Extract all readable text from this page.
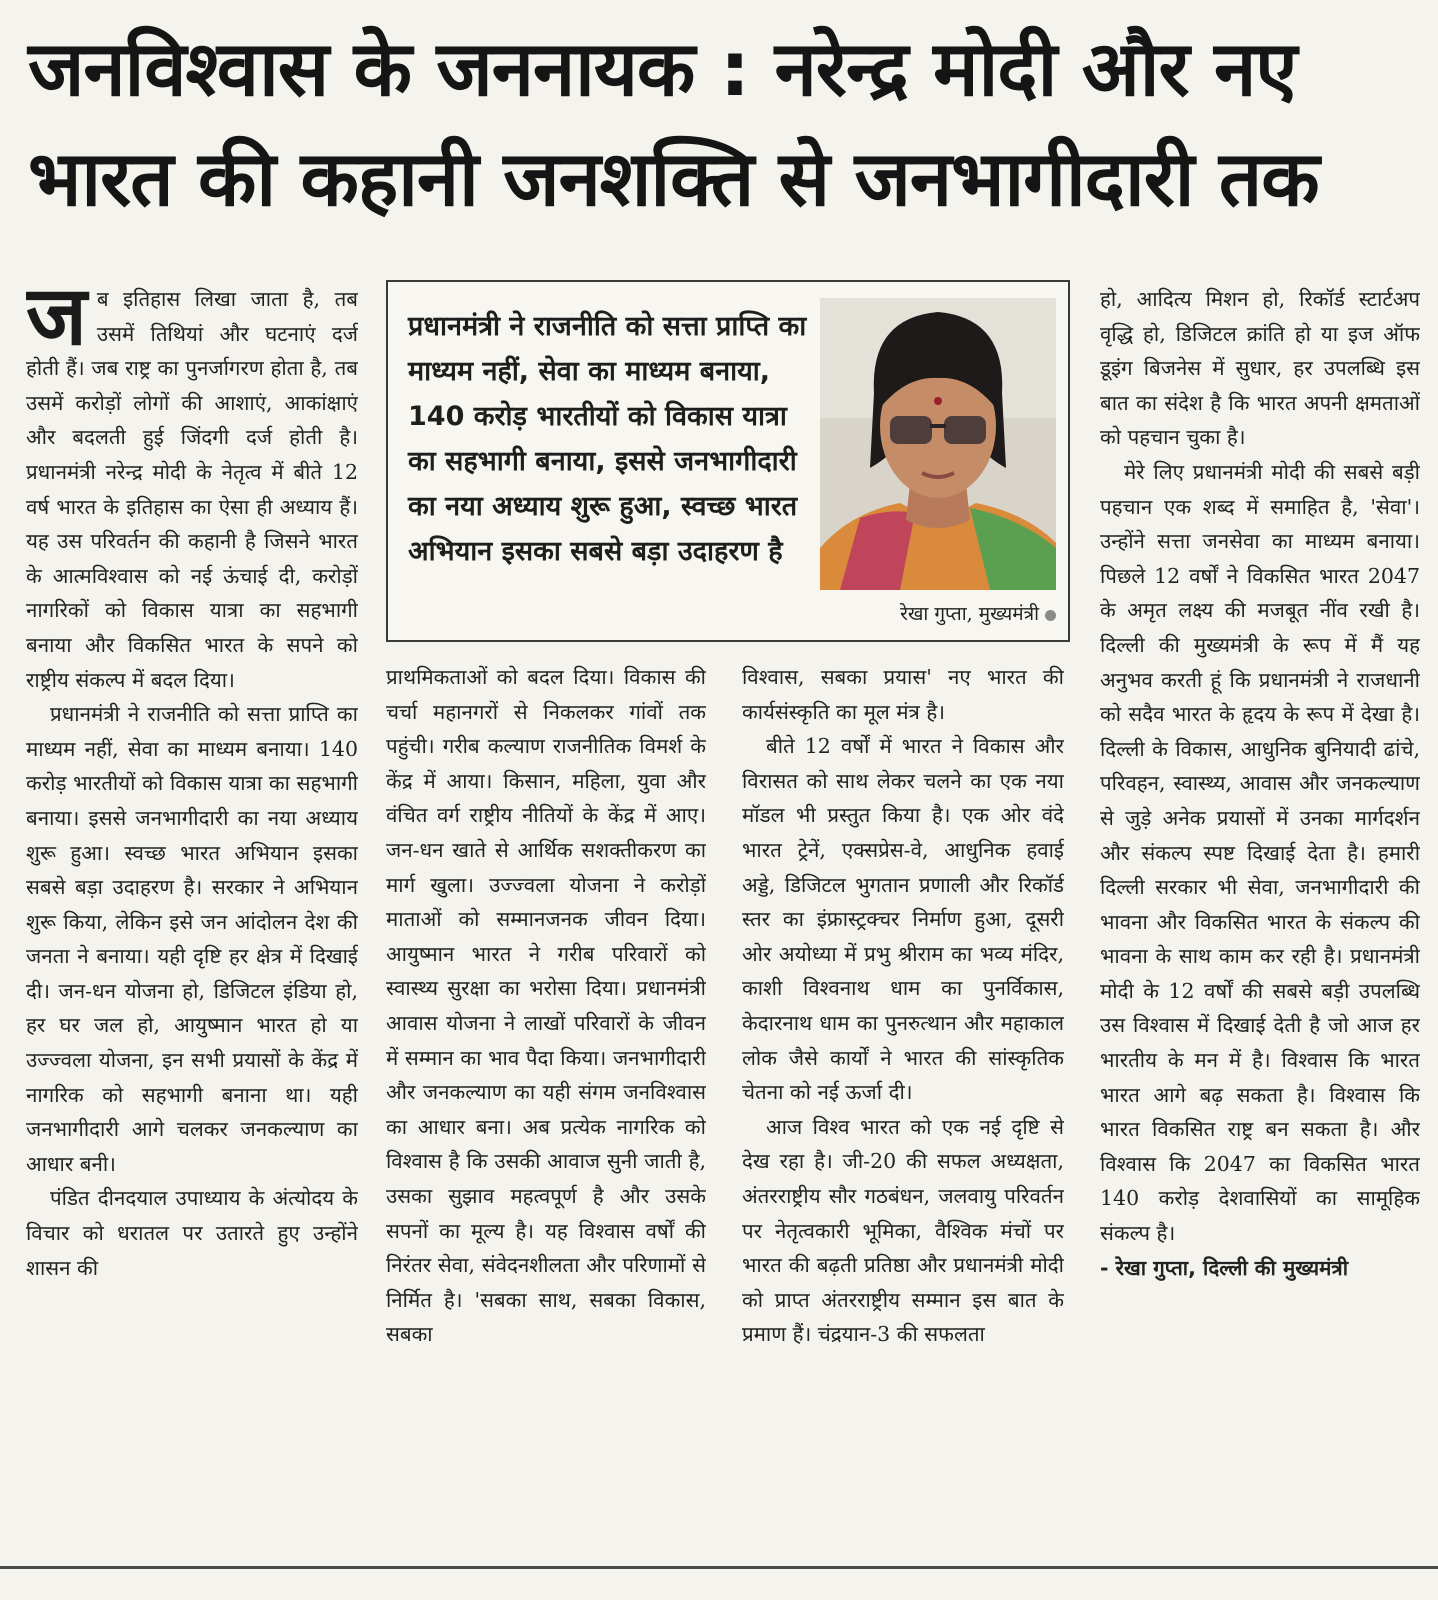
जनविश्वास के जननायक : नरेन्द्र मोदी और नए
भारत की कहानी जनशक्ति से जनभागीदारी तक

ज ब इतिहास लिखा जाता है, तब उसमें तिथियां और घटनाएं दर्ज होती हैं। जब राष्ट्र का पुनर्जागरण होता है, तब उसमें करोड़ों लोगों की आशाएं, आकांक्षाएं और बदलती हुई जिंदगी दर्ज होती है। प्रधानमंत्री नरेन्द्र मोदी के नेतृत्व में बीते 12 वर्ष भारत के इतिहास का ऐसा ही अध्याय हैं। यह उस परिवर्तन की कहानी है जिसने भारत के आत्मविश्वास को नई ऊंचाई दी, करोड़ों नागरिकों को विकास यात्रा का सहभागी बनाया और विकसित भारत के सपने को राष्ट्रीय संकल्प में बदल दिया।

प्रधानमंत्री ने राजनीति को सत्ता प्राप्ति का माध्यम नहीं, सेवा का माध्यम बनाया। 140 करोड़ भारतीयों को विकास यात्रा का सहभागी बनाया। इससे जनभागीदारी का नया अध्याय शुरू हुआ। स्वच्छ भारत अभियान इसका सबसे बड़ा उदाहरण है। सरकार ने अभियान शुरू किया, लेकिन इसे जन आंदोलन देश की जनता ने बनाया। यही दृष्टि हर क्षेत्र में दिखाई दी। जन-धन योजना हो, डिजिटल इंडिया हो, हर घर जल हो, आयुष्मान भारत हो या उज्ज्वला योजना, इन सभी प्रयासों के केंद्र में नागरिक को सहभागी बनाना था। यही जनभागीदारी आगे चलकर जनकल्याण का आधार बनी।

पंडित दीनदयाल उपाध्याय के अंत्योदय के विचार को धरातल पर उतारते हुए उन्होंने शासन की

प्रधानमंत्री ने राजनीति को सत्ता प्राप्ति का माध्यम नहीं, सेवा का माध्यम बनाया, 140 करोड़ भारतीयों को विकास यात्रा का सहभागी बनाया, इससे जनभागीदारी का नया अध्याय शुरू हुआ, स्वच्छ भारत अभियान इसका सबसे बड़ा उदाहरण है
रेखा गुप्ता, मुख्यमंत्री

प्राथमिकताओं को बदल दिया। विकास की चर्चा महानगरों से निकलकर गांवों तक पहुंची। गरीब कल्याण राजनीतिक विमर्श के केंद्र में आया। किसान, महिला, युवा और वंचित वर्ग राष्ट्रीय नीतियों के केंद्र में आए। जन-धन खाते से आर्थिक सशक्तीकरण का मार्ग खुला। उज्ज्वला योजना ने करोड़ों माताओं को सम्मानजनक जीवन दिया। आयुष्मान भारत ने गरीब परिवारों को स्वास्थ्य सुरक्षा का भरोसा दिया। प्रधानमंत्री आवास योजना ने लाखों परिवारों के जीवन में सम्मान का भाव पैदा किया। जनभागीदारी और जनकल्याण का यही संगम जनविश्वास का आधार बना। अब प्रत्येक नागरिक को विश्वास है कि उसकी आवाज सुनी जाती है, उसका सुझाव महत्वपूर्ण है और उसके सपनों का मूल्य है। यह विश्वास वर्षों की निरंतर सेवा, संवेदनशीलता और परिणामों से निर्मित है। 'सबका साथ, सबका विकास, सबका

विश्वास, सबका प्रयास' नए भारत की कार्यसंस्कृति का मूल मंत्र है।

बीते 12 वर्षों में भारत ने विकास और विरासत को साथ लेकर चलने का एक नया मॉडल भी प्रस्तुत किया है। एक ओर वंदे भारत ट्रेनें, एक्सप्रेस-वे, आधुनिक हवाई अड्डे, डिजिटल भुगतान प्रणाली और रिकॉर्ड स्तर का इंफ्रास्ट्रक्चर निर्माण हुआ, दूसरी ओर अयोध्या में प्रभु श्रीराम का भव्य मंदिर, काशी विश्वनाथ धाम का पुनर्विकास, केदारनाथ धाम का पुनरुत्थान और महाकाल लोक जैसे कार्यों ने भारत की सांस्कृतिक चेतना को नई ऊर्जा दी।

आज विश्व भारत को एक नई दृष्टि से देख रहा है। जी-20 की सफल अध्यक्षता, अंतरराष्ट्रीय सौर गठबंधन, जलवायु परिवर्तन पर नेतृत्वकारी भूमिका, वैश्विक मंचों पर भारत की बढ़ती प्रतिष्ठा और प्रधानमंत्री मोदी को प्राप्त अंतरराष्ट्रीय सम्मान इस बात के प्रमाण हैं। चंद्रयान-3 की सफलता

हो, आदित्य मिशन हो, रिकॉर्ड स्टार्टअप वृद्धि हो, डिजिटल क्रांति हो या इज ऑफ डूइंग बिजनेस में सुधार, हर उपलब्धि इस बात का संदेश है कि भारत अपनी क्षमताओं को पहचान चुका है।

मेरे लिए प्रधानमंत्री मोदी की सबसे बड़ी पहचान एक शब्द में समाहित है, 'सेवा'। उन्होंने सत्ता जनसेवा का माध्यम बनाया। पिछले 12 वर्षों ने विकसित भारत 2047 के अमृत लक्ष्य की मजबूत नींव रखी है। दिल्ली की मुख्यमंत्री के रूप में मैं यह अनुभव करती हूं कि प्रधानमंत्री ने राजधानी को सदैव भारत के हृदय के रूप में देखा है। दिल्ली के विकास, आधुनिक बुनियादी ढांचे, परिवहन, स्वास्थ्य, आवास और जनकल्याण से जुड़े अनेक प्रयासों में उनका मार्गदर्शन और संकल्प स्पष्ट दिखाई देता है। हमारी दिल्ली सरकार भी सेवा, जनभागीदारी की भावना और विकसित भारत के संकल्प की भावना के साथ काम कर रही है। प्रधानमंत्री मोदी के 12 वर्षों की सबसे बड़ी उपलब्धि उस विश्वास में दिखाई देती है जो आज हर भारतीय के मन में है। विश्वास कि भारत भारत आगे बढ़ सकता है। विश्वास कि भारत विकसित राष्ट्र बन सकता है। और विश्वास कि 2047 का विकसित भारत 140 करोड़ देशवासियों का सामूहिक संकल्प है।

- रेखा गुप्ता, दिल्ली की मुख्यमंत्री
